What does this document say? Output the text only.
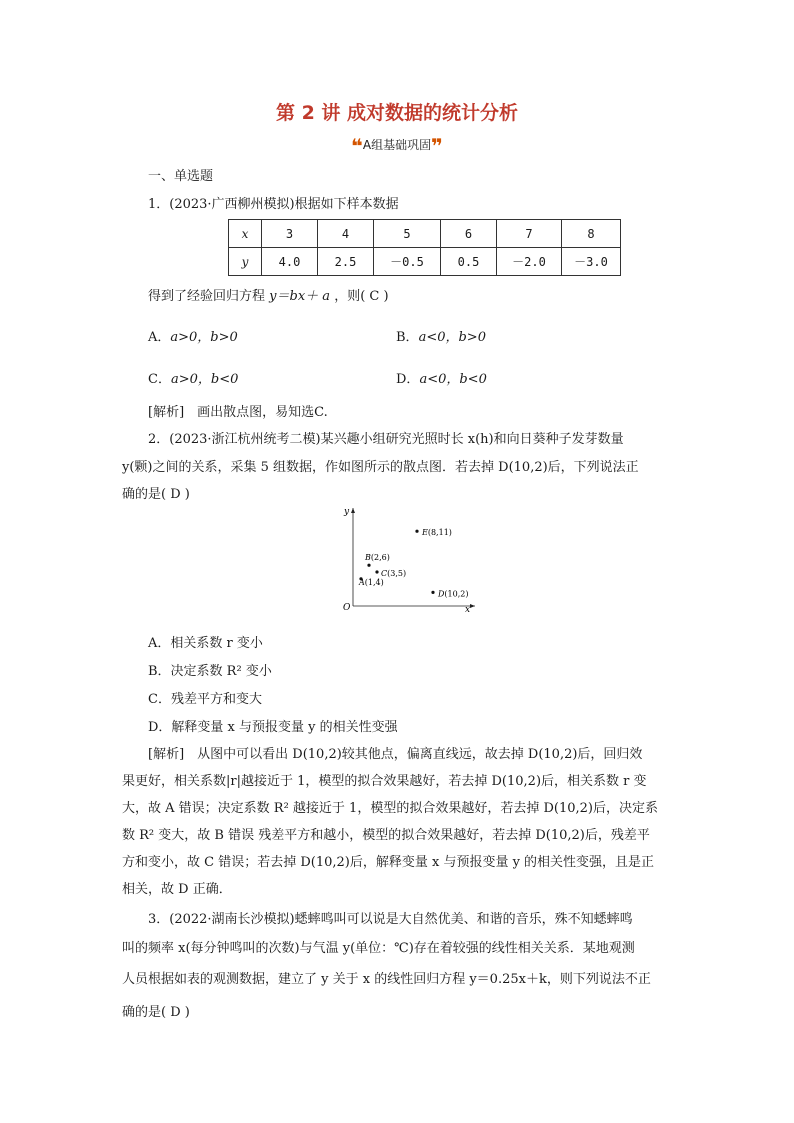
第 2 讲 成对数据的统计分析
❝A组基础巩固❞
一、单选题
1．(2023·广西柳州模拟)根据如下样本数据
x	3	4	5	6	7	8
y	4.0	2.5	－0.5	0.5	－2.0	－3.0
得到了经验回归方程 y＝bx＋ a ，则( C )
A．a>0，b>0	B．a<0，b>0
C．a>0，b<0	D．a<0，b<0
[解析]　画出散点图，易知选C.
2．(2023·浙江杭州统考二模)某兴趣小组研究光照时长 x(h)和向日葵种子发芽数量
y(颗)之间的关系，采集 5 组数据，作如图所示的散点图．若去掉 D(10,2)后，下列说法正
确的是( D )
x
y
O
A(1,4)
B(2,6)
C(3,5)
D(10,2)
E(8,11)
A．相关系数 r 变小
B．决定系数 R² 变小
C．残差平方和变大
D．解释变量 x 与预报变量 y 的相关性变强
[解析]　从图中可以看出 D(10,2)较其他点，偏离直线远，故去掉 D(10,2)后，回归效
果更好，相关系数|r|越接近于 1，模型的拟合效果越好，若去掉 D(10,2)后，相关系数 r 变
大，故 A 错误；决定系数 R² 越接近于 1，模型的拟合效果越好，若去掉 D(10,2)后，决定系
数 R² 变大，故 B 错误 残差平方和越小，模型的拟合效果越好，若去掉 D(10,2)后，残差平
方和变小，故 C 错误；若去掉 D(10,2)后，解释变量 x 与预报变量 y 的相关性变强，且是正
相关，故 D 正确．
3．(2022·湖南长沙模拟)蟋蟀鸣叫可以说是大自然优美、和谐的音乐，殊不知蟋蟀鸣
叫的频率 x(每分钟鸣叫的次数)与气温 y(单位：℃)存在着较强的线性相关关系．某地观测
人员根据如表的观测数据，建立了 y 关于 x 的线性回归方程 y＝0.25x＋k，则下列说法不正
确的是( D )
